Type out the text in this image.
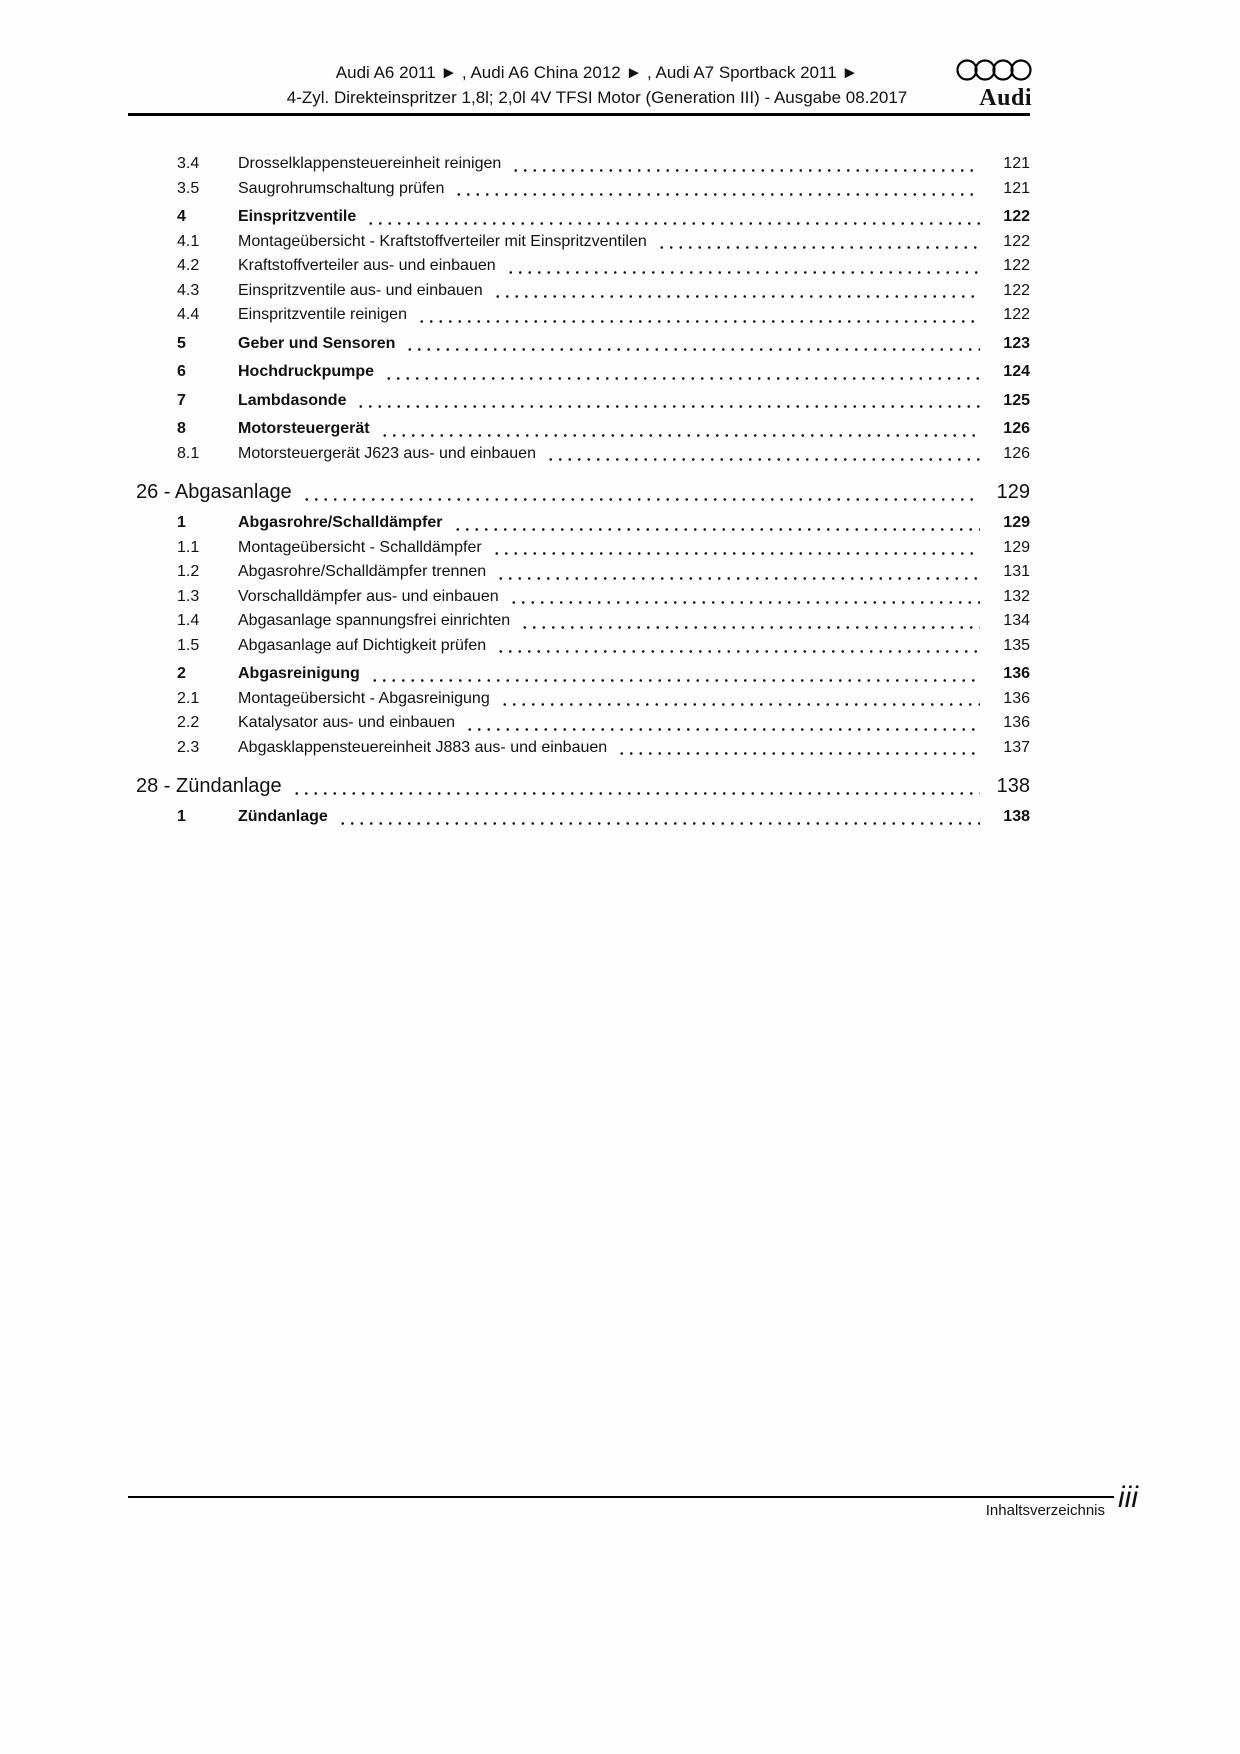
Audi A6 2011 ► , Audi A6 China 2012 ► , Audi A7 Sportback 2011 ►
4-Zyl. Direkteinspritzer 1,8l; 2,0l 4V TFSI Motor (Generation III) - Ausgabe 08.2017	Audi
3.4	Drosselklappensteuereinheit reinigen	121
3.5	Saugrohrumschaltung prüfen	121
4	Einspritzventile	122
4.1	Montageübersicht - Kraftstoffverteiler mit Einspritzventilen	122
4.2	Kraftstoffverteiler aus- und einbauen	122
4.3	Einspritzventile aus- und einbauen	122
4.4	Einspritzventile reinigen	122
5	Geber und Sensoren	123
6	Hochdruckpumpe	124
7	Lambdasonde	125
8	Motorsteuergerät	126
8.1	Motorsteuergerät J623 aus- und einbauen	126
26 - Abgasanlage	129
1	Abgasrohre/Schalldämpfer	129
1.1	Montageübersicht - Schalldämpfer	129
1.2	Abgasrohre/Schalldämpfer trennen	131
1.3	Vorschalldämpfer aus- und einbauen	132
1.4	Abgasanlage spannungsfrei einrichten	134
1.5	Abgasanlage auf Dichtigkeit prüfen	135
2	Abgasreinigung	136
2.1	Montageübersicht - Abgasreinigung	136
2.2	Katalysator aus- und einbauen	136
2.3	Abgasklappensteuereinheit J883 aus- und einbauen	137
28 - Zündanlage	138
1	Zündanlage	138
Inhaltsverzeichnis iii
